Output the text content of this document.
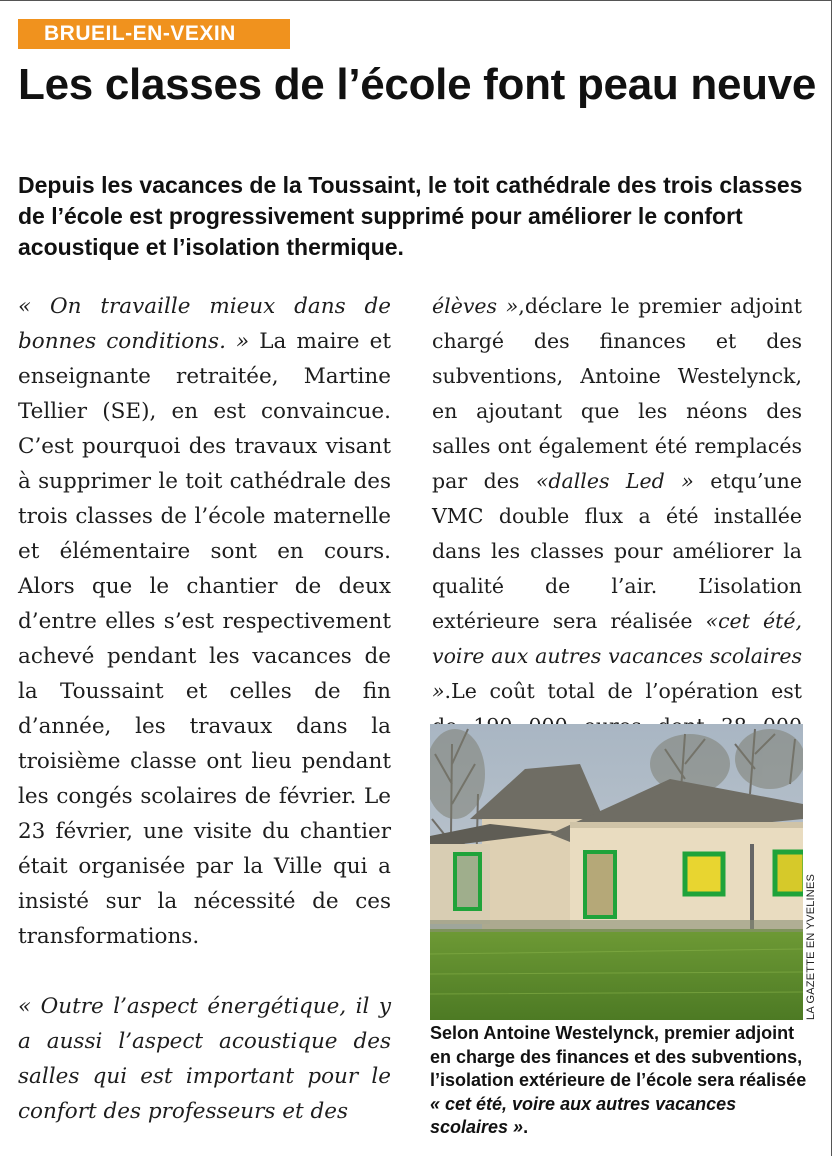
BRUEIL-EN-VEXIN
Les classes de l’école font peau neuve

Depuis les vacances de la Toussaint, le toit cathédrale des trois classes de l’école est progressivement supprimé pour améliorer le confort acoustique et l’isolation thermique.

« On travaille mieux dans de bonnes conditions. » La maire et enseignante retraitée, Martine Tellier (SE), en est convaincue. C’est pourquoi des travaux visant à supprimer le toit cathédrale des trois classes de l’école maternelle et élémentaire sont en cours. Alors que le chantier de deux d’entre elles s’est respectivement achevé pendant les vacances de la Toussaint et celles de fin d’année, les travaux dans la troisième classe ont lieu pendant les congés scolaires de février. Le 23 février, une visite du chantier était organisée par la Ville qui a insisté sur la nécessité de ces transformations.

« Outre l’aspect énergétique, il y a aussi l’aspect acoustique des salles qui est important pour le confort des professeurs et des

élèves »,déclare le premier adjoint chargé des finances et des subventions, Antoine Westelynck, en ajoutant que les néons des salles ont également été remplacés par des «dalles Led » etqu’une VMC double flux a été installée dans les classes pour améliorer la qualité de l’air. L’isolation extérieure sera réalisée «cet été, voire aux autres vacances scolaires ».Le coût total de l’opération est

LA GAZETTE EN YVELINES

Selon Antoine Westelynck, premier adjoint en charge des finances et des subventions, l’isolation extérieure de l’école sera réalisée « cet été, voire aux autres vacances scolaires ».
